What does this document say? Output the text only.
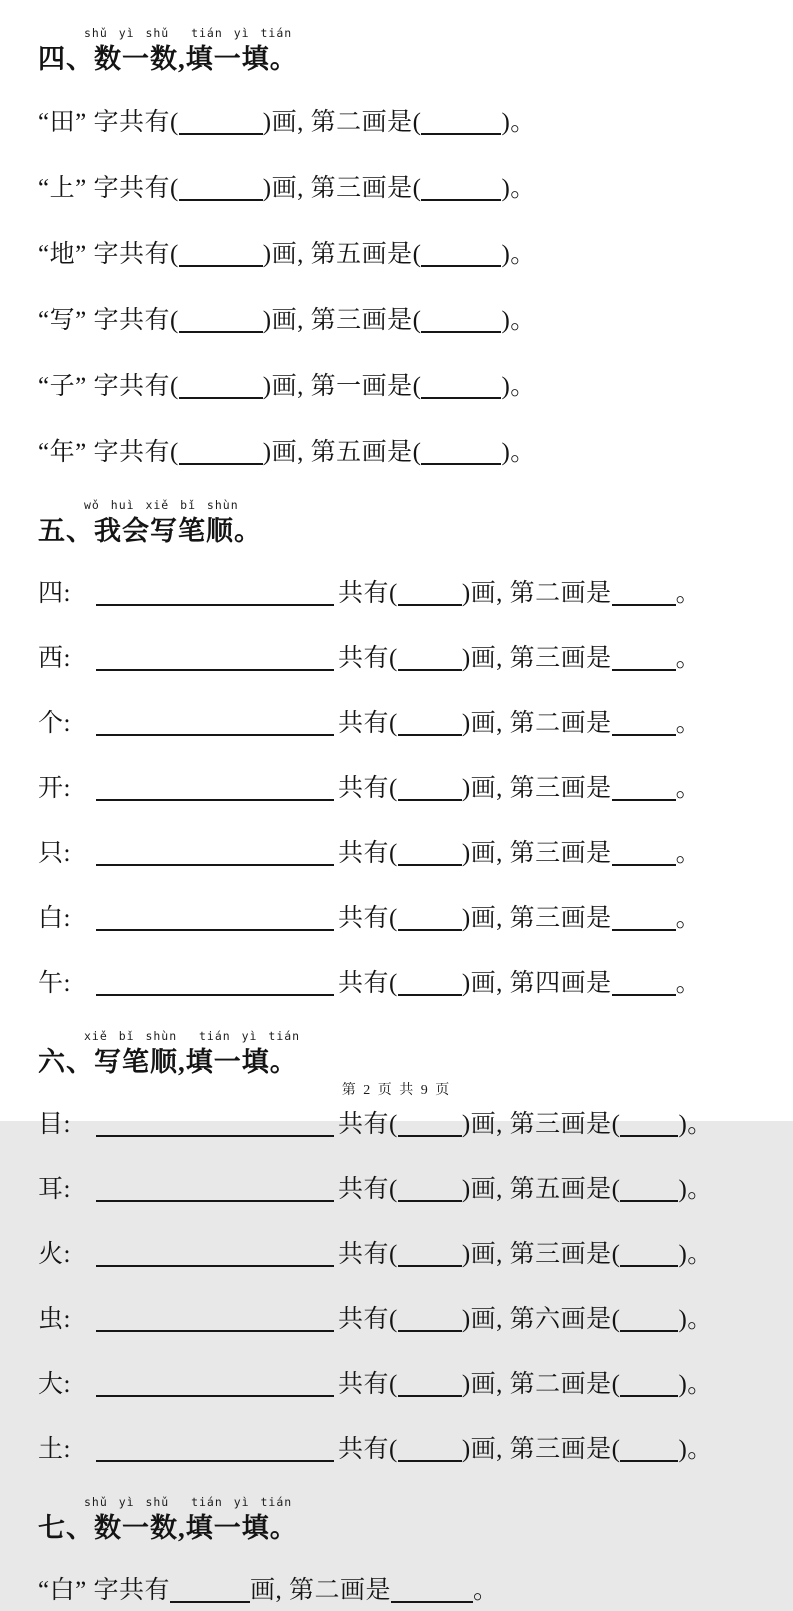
shǔ yì shǔ  tián yì tián
四、数一数,填一填。

“田” 字共有(	)画, 第二画是(	)。

“上” 字共有(	)画, 第三画是(	)。

“地” 字共有(	)画, 第五画是(	)。

“写” 字共有(	)画, 第三画是(	)。

“子” 字共有(	)画, 第一画是(	)。

“年” 字共有(	)画, 第五画是(	)。

wǒ huì xiě bǐ shùn
五、我会写笔顺。

四:	共有(	)画, 第二画是	。

西:	共有(	)画, 第三画是	。

个:	共有(	)画, 第二画是	。

开:	共有(	)画, 第三画是	。

只:	共有(	)画, 第三画是	。

白:	共有(	)画, 第三画是	。

午:	共有(	)画, 第四画是	。

xiě bǐ shùn  tián yì tián
六、写笔顺,填一填。

目:	共有(	)画, 第三画是( )。

耳:	共有(	)画, 第五画是( )。

火:	共有(	)画, 第三画是( )。

虫:	共有(	)画, 第六画是( )。

大:	共有(	)画, 第二画是( )。

土:	共有(	)画, 第三画是( )。

shǔ yì shǔ  tián yì tián
七、数一数,填一填。

“白” 字共有	画, 第二画是	。

第 2 页 共 9 页
